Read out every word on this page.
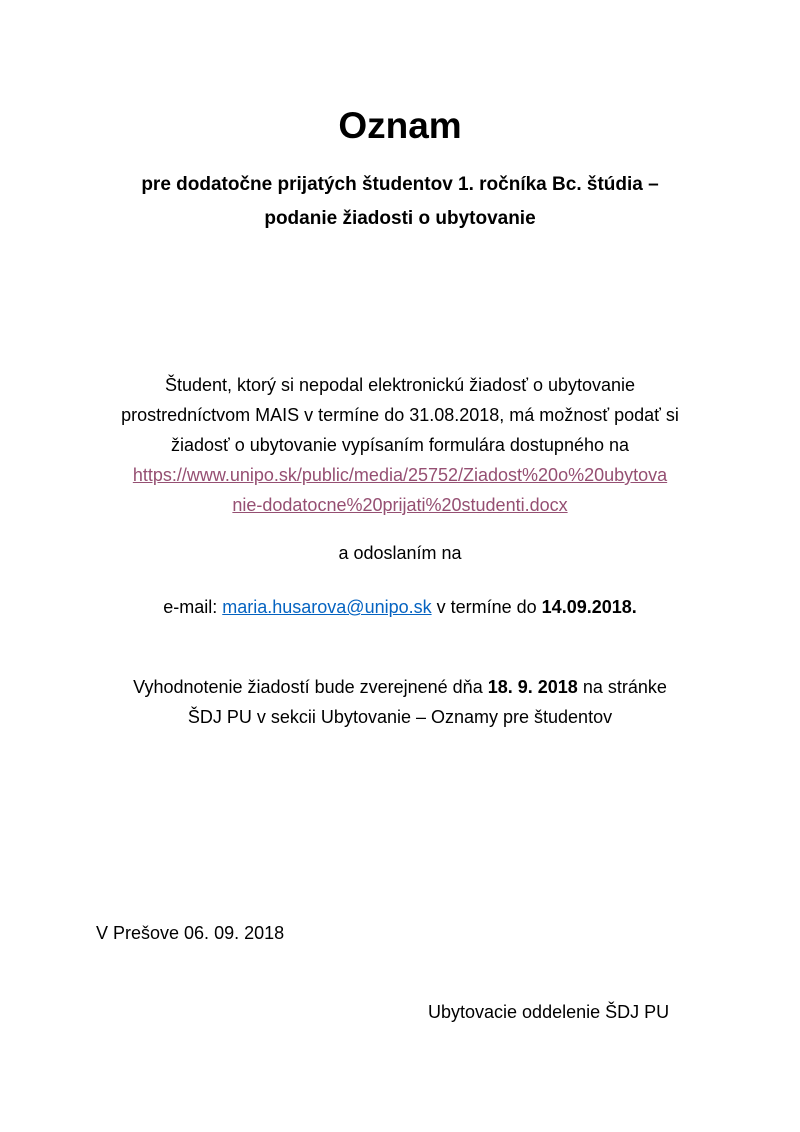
Oznam
pre dodatočne prijatých študentov 1. ročníka Bc. štúdia –
podanie žiadosti o ubytovanie
Študent, ktorý si nepodal elektronickú žiadosť o ubytovanie
prostredníctvom MAIS v termíne do 31.08.2018, má možnosť podať si
žiadosť o ubytovanie vypísaním formulára dostupného na
https://www.unipo.sk/public/media/25752/Ziadost%20o%20ubytova
nie-dodatocne%20prijati%20studenti.docx
a odoslaním na
e-mail: maria.husarova@unipo.sk v termíne do 14.09.2018.
Vyhodnotenie žiadostí bude zverejnené dňa 18. 9. 2018 na stránke
ŠDJ PU v sekcii Ubytovanie – Oznamy pre študentov
V Prešove 06. 09. 2018
Ubytovacie oddelenie ŠDJ PU
